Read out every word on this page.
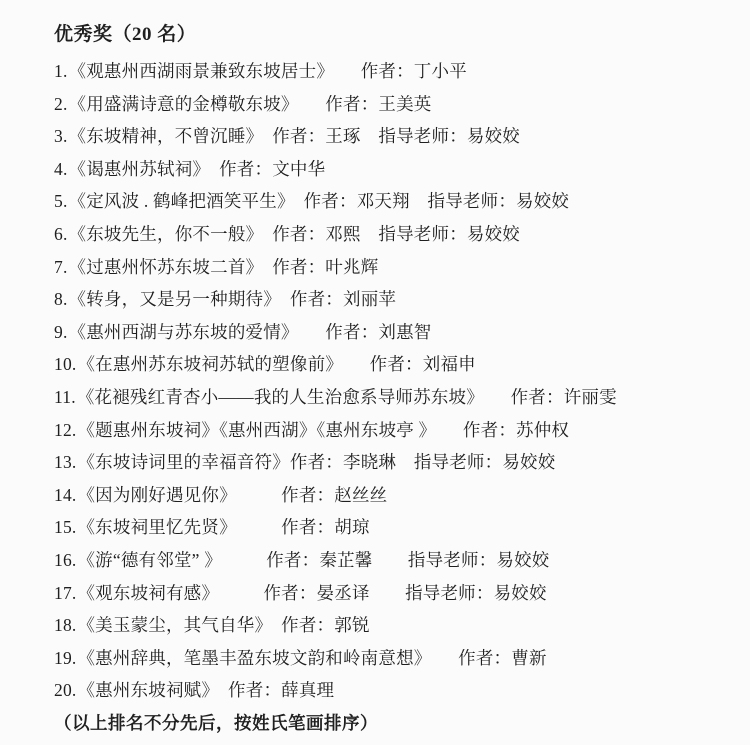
优秀奖（20 名）

1.《观惠州西湖雨景兼致东坡居士》　　 作者：丁小平

2.《用盛满诗意的金樽敬东坡》　　 作者：王美英

3.《东坡精神，不曾沉睡》　 作者：王琢　 指导老师：易姣姣

4.《谒惠州苏轼祠》　 作者：文中华

5.《定风波 . 鹤峰把酒笑平生》　 作者：邓天翔　 指导老师：易姣姣

6.《东坡先生，你不一般》　 作者：邓熙　 指导老师：易姣姣

7.《过惠州怀苏东坡二首》　 作者：叶兆辉

8.《转身，又是另一种期待》　 作者：刘丽苹

9.《惠州西湖与苏东坡的爱情》　　 作者：刘惠智

10.《在惠州苏东坡祠苏轼的塑像前》　　 作者：刘福申

11.《花褪残红青杏小——我的人生治愈系导师苏东坡》　　 作者：许丽雯

12.《题惠州东坡祠》《惠州西湖》《惠州东坡亭 》　　 作者：苏仲权

13.《东坡诗词里的幸福音符》作者：李晓琳　 指导老师：易姣姣

14.《因为刚好遇见你》　　　	作者：赵丝丝

15.《东坡祠里忆先贤》　　　	作者：胡琼

16.《游“德有邻堂” 》　　　	作者：秦芷馨　　 指导老师：易姣姣

17.《观东坡祠有感》　　　	作者：晏丞译　　 指导老师：易姣姣

18.《美玉蒙尘，其气自华》　 作者：郭锐

19.《惠州辞典，笔墨丰盈东坡文韵和岭南意想》　　 作者：曹新

20.《惠州东坡祠赋》　 作者：薛真理

（以上排名不分先后，按姓氏笔画排序）
